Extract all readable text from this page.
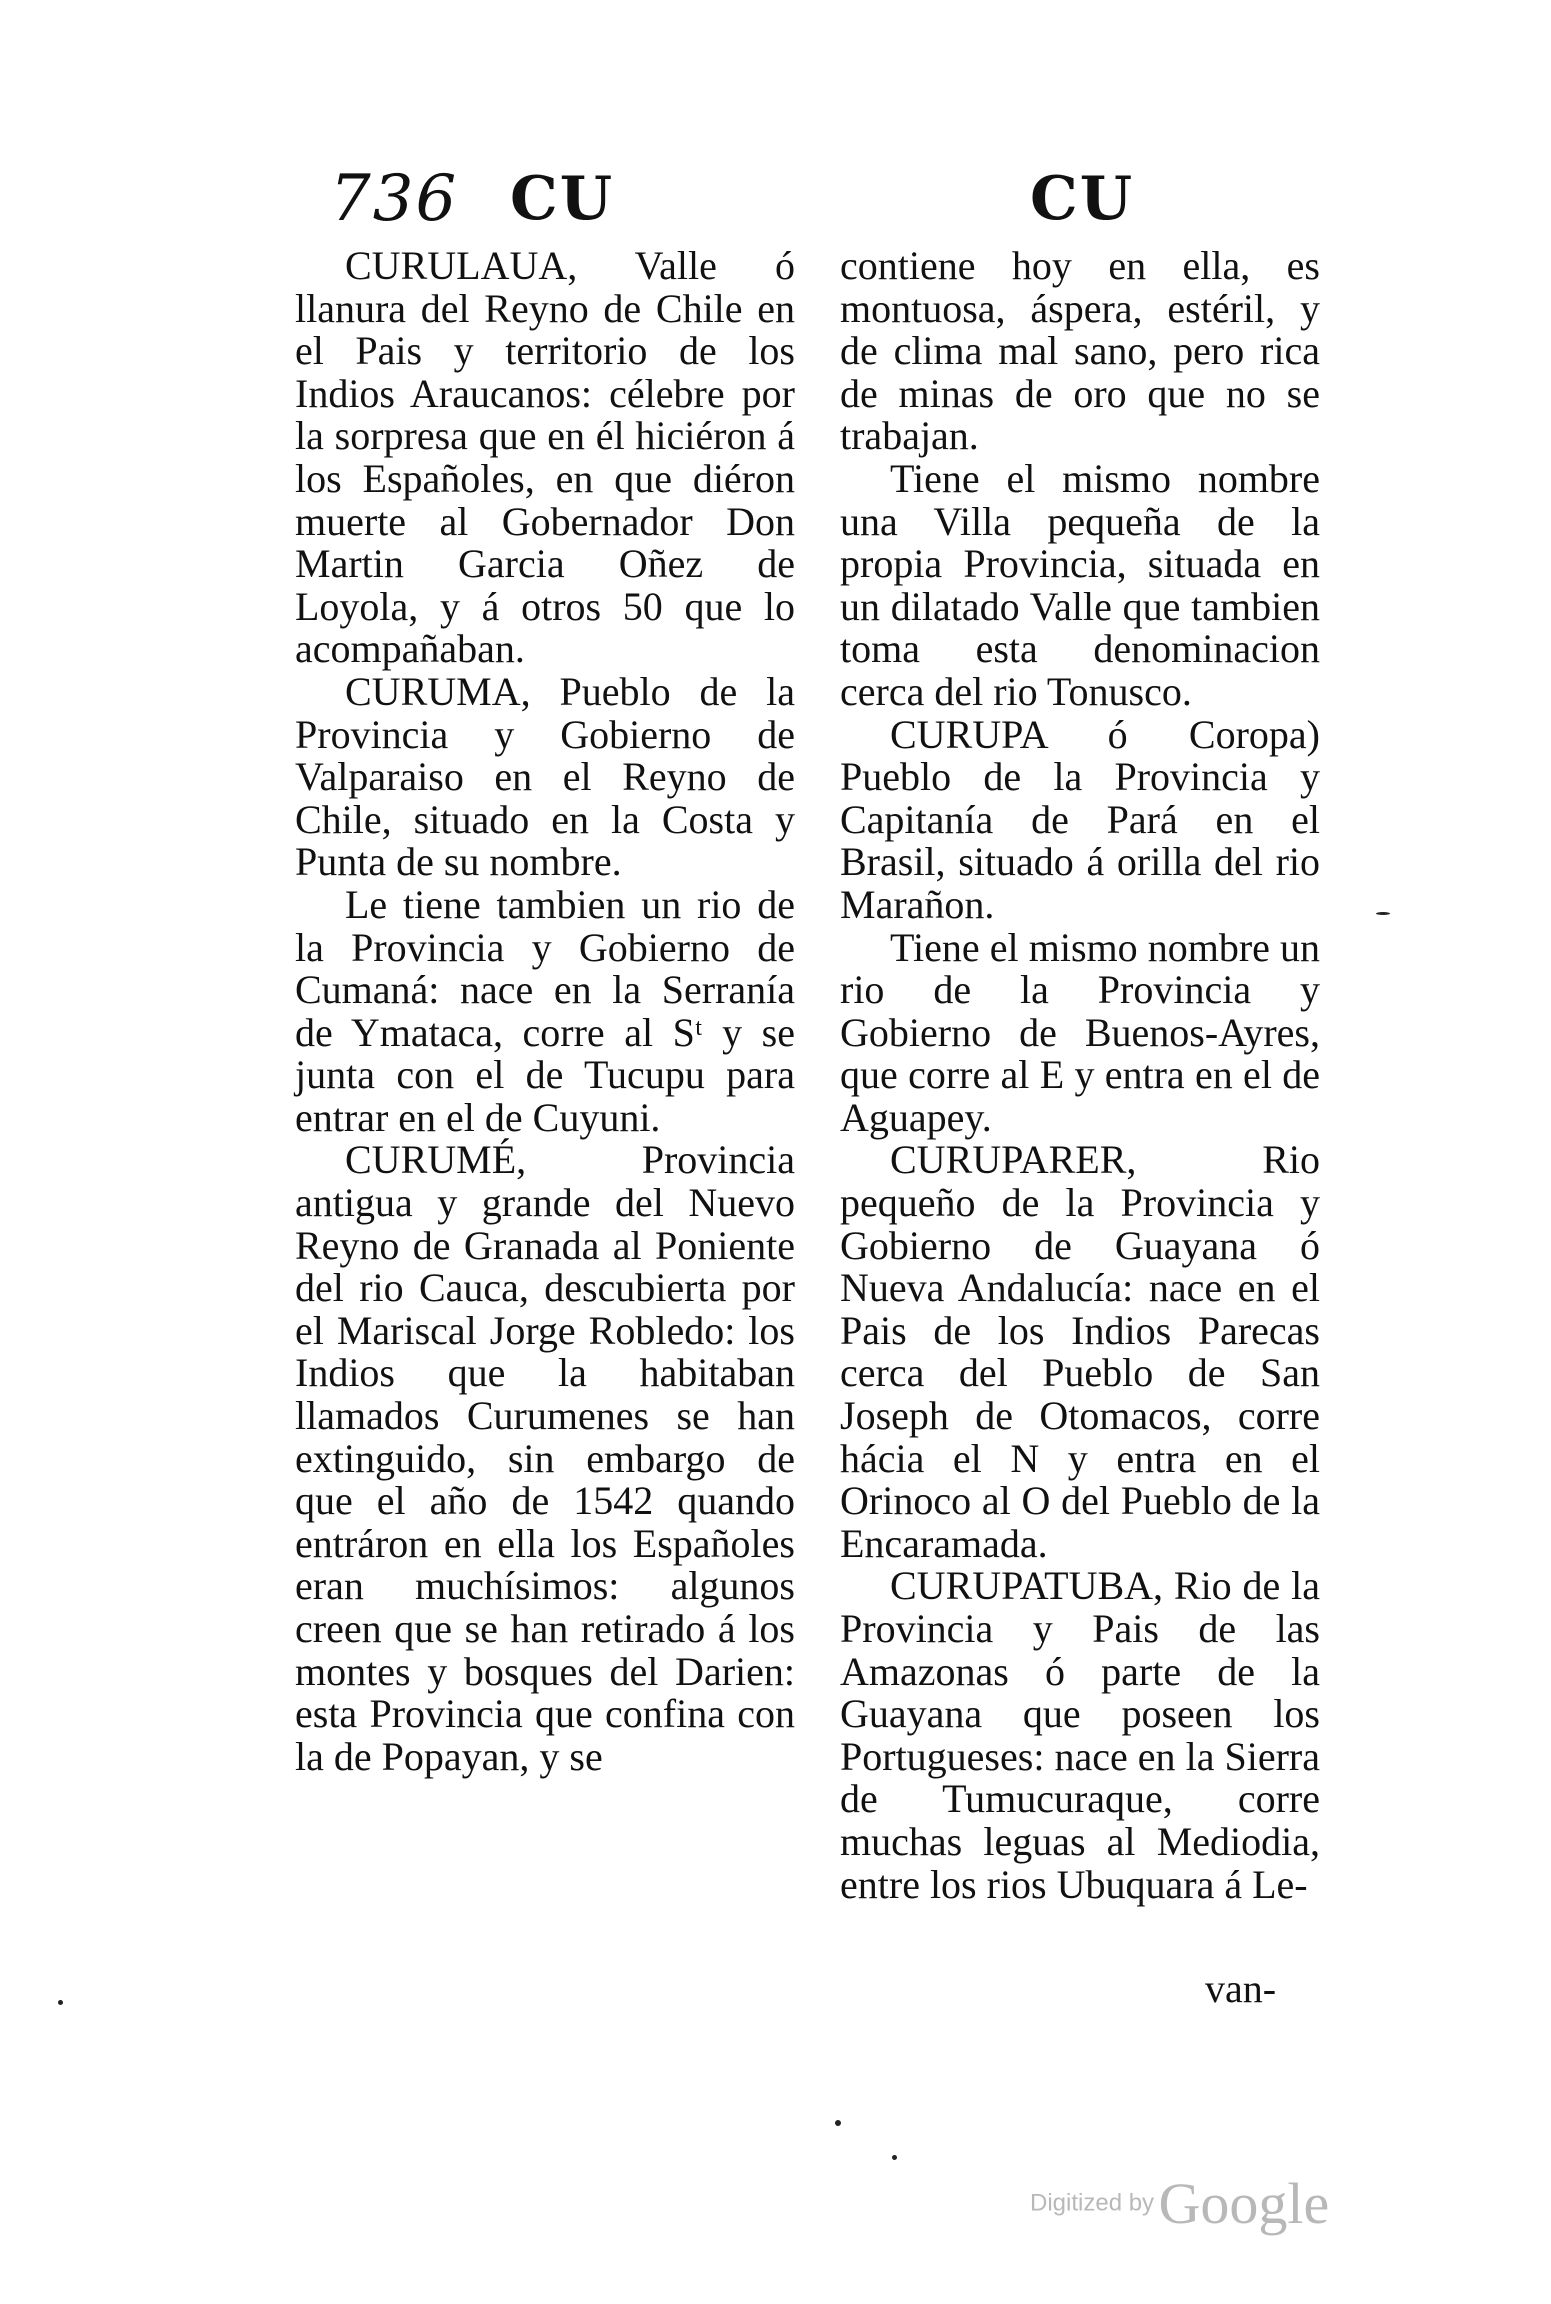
736 CU	CU

CURULAUA, Valle ó llanura del Reyno de Chile en el Pais y territorio de los Indios Araucanos: célebre por la sorpresa que en él hiciéron á los Españoles, en que diéron muerte al Gobernador Don Martin Garcia Oñez de Loyola, y á otros 50 que lo acompañaban.

CURUMA, Pueblo de la Provincia y Gobierno de Valparaiso en el Reyno de Chile, situado en la Costa y Punta de su nombre.

Le tiene tambien un rio de la Provincia y Gobierno de Cumaná: nace en la Serranía de Ymataca, corre al Sᵗ y se junta con el de Tucupu para entrar en el de Cuyuni.

CURUMÉ, Provincia antigua y grande del Nuevo Reyno de Granada al Poniente del rio Cauca, descubierta por el Mariscal Jorge Robledo: los Indios que la habitaban llamados Curumenes se han extinguido, sin embargo de que el año de 1542 quando entráron en ella los Españoles eran muchísimos: algunos creen que se han retirado á los montes y bosques del Darien: esta Provincia que confina con la de Popayan, y se

contiene hoy en ella, es montuosa, áspera, estéril, y de clima mal sano, pero rica de minas de oro que no se trabajan.

Tiene el mismo nombre una Villa pequeña de la propia Provincia, situada en un dilatado Valle que tambien toma esta denominacion cerca del rio Tonusco.

CURUPA ó Coropa) Pueblo de la Provincia y Capitanía de Pará en el Brasil, situado á orilla del rio Marañon.

Tiene el mismo nombre un rio de la Provincia y Gobierno de Buenos-Ayres, que corre al E y entra en el de Aguapey.

CURUPARER, Rio pequeño de la Provincia y Gobierno de Guayana ó Nueva Andalucía: nace en el Pais de los Indios Parecas cerca del Pueblo de San Joseph de Otomacos, corre hácia el N y entra en el Orinoco al O del Pueblo de la Encaramada.

CURUPATUBA, Rio de la Provincia y Pais de las Amazonas ó parte de la Guayana que poseen los Portugueses: nace en la Sierra de Tumucuraque, corre muchas leguas al Mediodia, entre los rios Ubuquara á Le-

van-
Digitized by Google
